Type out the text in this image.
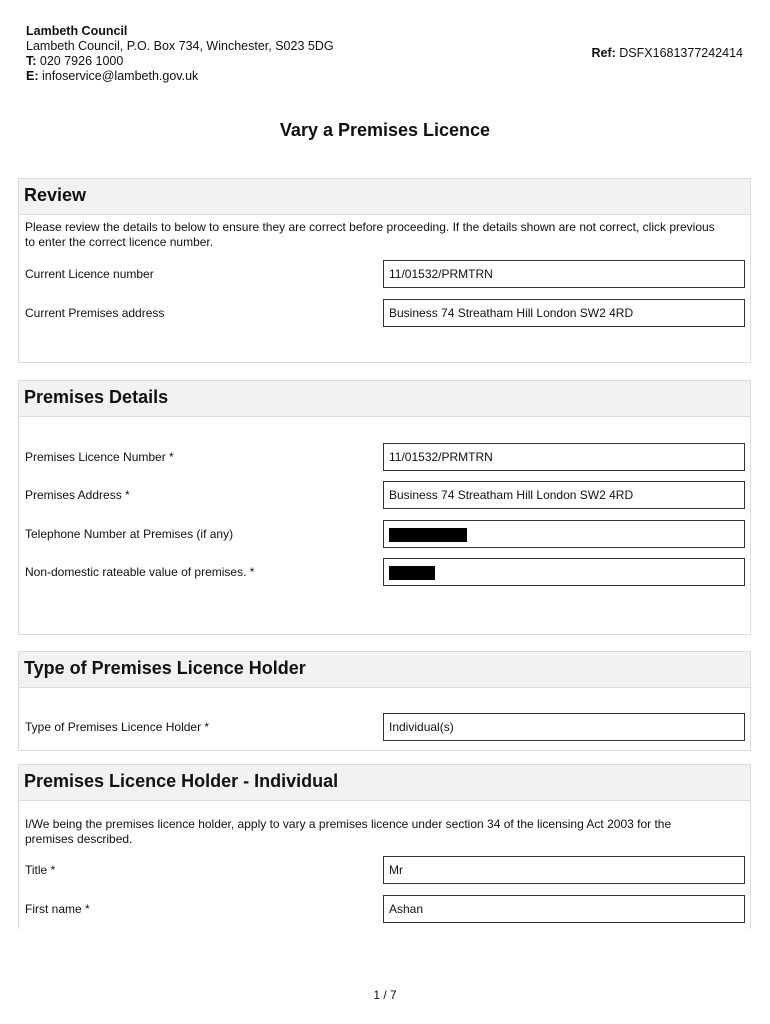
Lambeth Council
Lambeth Council, P.O. Box 734, Winchester, S023 5DG
T: 020 7926 1000
E: infoservice@lambeth.gov.uk
Ref: DSFX1681377242414
Vary a Premises Licence
Review
Please review the details to below to ensure they are correct before proceeding. If the details shown are not correct, click previous to enter the correct licence number.
Current Licence number	11/01532/PRMTRN
Current Premises address	Business 74 Streatham Hill London SW2 4RD
Premises Details
Premises Licence Number *	11/01532/PRMTRN
Premises Address *	Business 74 Streatham Hill London SW2 4RD
Telephone Number at Premises (if any)
Non-domestic rateable value of premises. *
Type of Premises Licence Holder
Type of Premises Licence Holder *	Individual(s)
Premises Licence Holder - Individual
I/We being the premises licence holder, apply to vary a premises licence under section 34 of the licensing Act 2003 for the premises described.
Title *	Mr
First name *	Ashan
1 / 7
